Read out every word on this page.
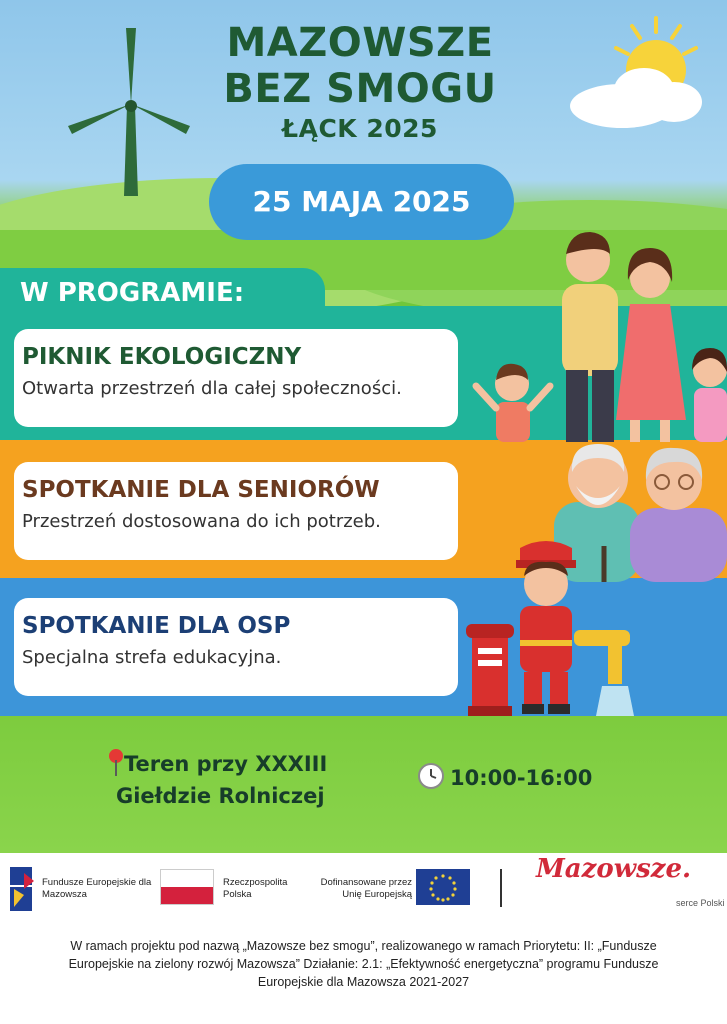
MAZOWSZE
BEZ SMOGU
ŁĄCK 2025
25 MAJA 2025
W PROGRAMIE:
PIKNIK EKOLOGICZNY
Otwarta przestrzeń dla całej społeczności.
SPOTKANIE DLA SENIORÓW
Przestrzeń dostosowana do ich potrzeb.
SPOTKANIE DLA OSP
Specjalna strefa edukacyjna.
Teren przy XXXIII
Giełdzie Rolniczej
10:00-16:00
Fundusze Europejskie dla Mazowsza
Rzeczpospolita Polska
Dofinansowane przez Unię Europejską
Mazowsze.
serce Polski
W ramach projektu pod nazwą „Mazowsze bez smogu”, realizowanego w ramach Priorytetu: II: „Fundusze Europejskie na zielony rozwój Mazowsza” Działanie: 2.1: „Efektywność energetyczna” programu Fundusze Europejskie dla Mazowsza 2021-2027
